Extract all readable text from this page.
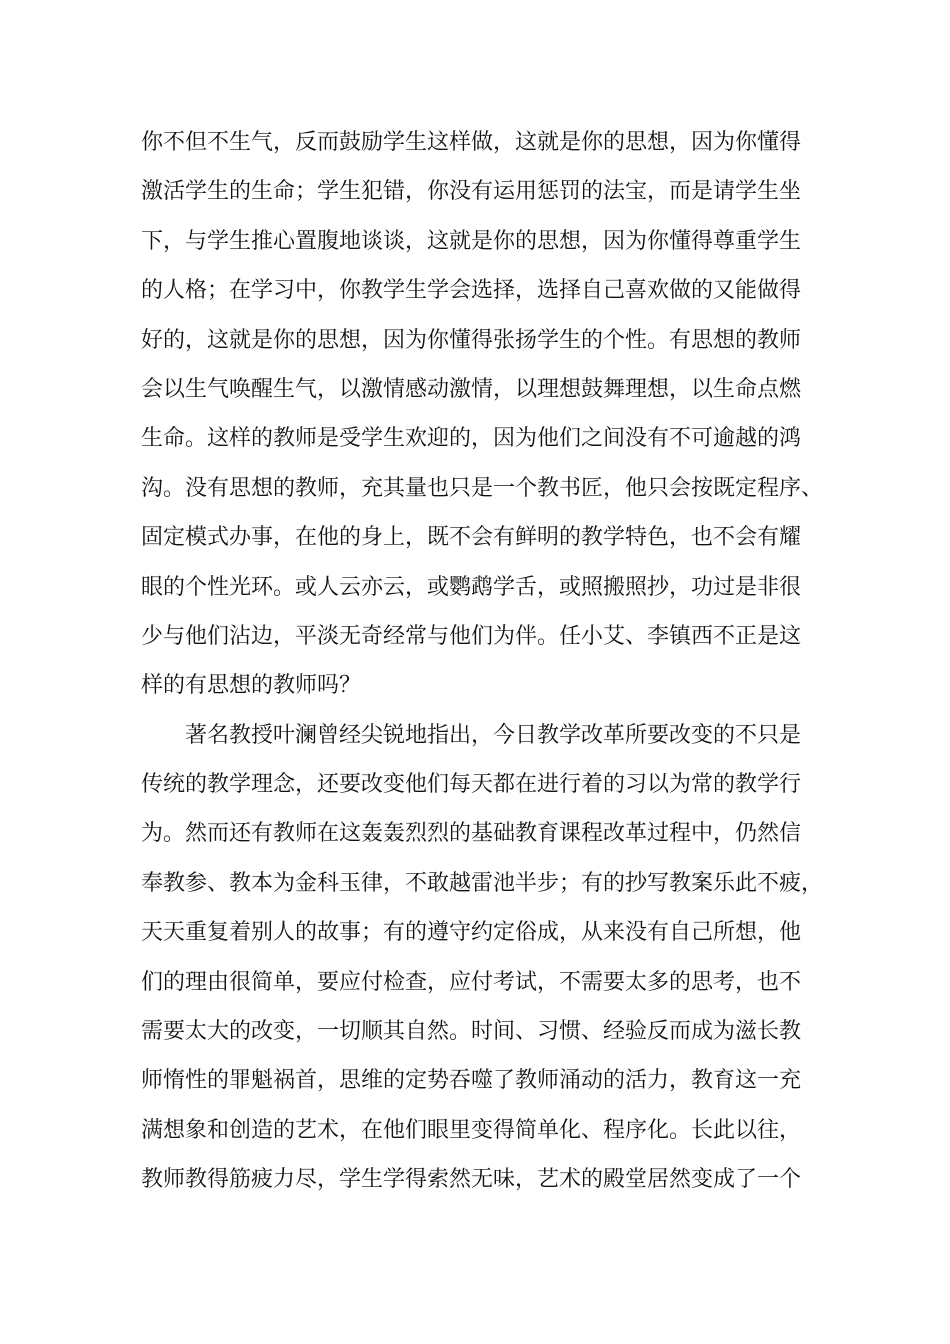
你不但不生气，反而鼓励学生这样做，这就是你的思想，因为你懂得
激活学生的生命；学生犯错，你没有运用惩罚的法宝，而是请学生坐
下，与学生推心置腹地谈谈，这就是你的思想，因为你懂得尊重学生
的人格；在学习中，你教学生学会选择，选择自己喜欢做的又能做得
好的，这就是你的思想，因为你懂得张扬学生的个性。有思想的教师
会以生气唤醒生气，以激情感动激情，以理想鼓舞理想，以生命点燃
生命。这样的教师是受学生欢迎的，因为他们之间没有不可逾越的鸿
沟。没有思想的教师，充其量也只是一个教书匠，他只会按既定程序、
固定模式办事，在他的身上，既不会有鲜明的教学特色，也不会有耀
眼的个性光环。或人云亦云，或鹦鹉学舌，或照搬照抄，功过是非很
少与他们沾边，平淡无奇经常与他们为伴。任小艾、李镇西不正是这
样的有思想的教师吗？
著名教授叶澜曾经尖锐地指出，今日教学改革所要改变的不只是
传统的教学理念，还要改变他们每天都在进行着的习以为常的教学行
为。然而还有教师在这轰轰烈烈的基础教育课程改革过程中，仍然信
奉教参、教本为金科玉律，不敢越雷池半步；有的抄写教案乐此不疲，
天天重复着别人的故事；有的遵守约定俗成，从来没有自己所想，他
们的理由很简单，要应付检查，应付考试，不需要太多的思考，也不
需要太大的改变，一切顺其自然。时间、习惯、经验反而成为滋长教
师惰性的罪魁祸首，思维的定势吞噬了教师涌动的活力，教育这一充
满想象和创造的艺术，在他们眼里变得简单化、程序化。长此以往，
教师教得筋疲力尽，学生学得索然无味，艺术的殿堂居然变成了一个
